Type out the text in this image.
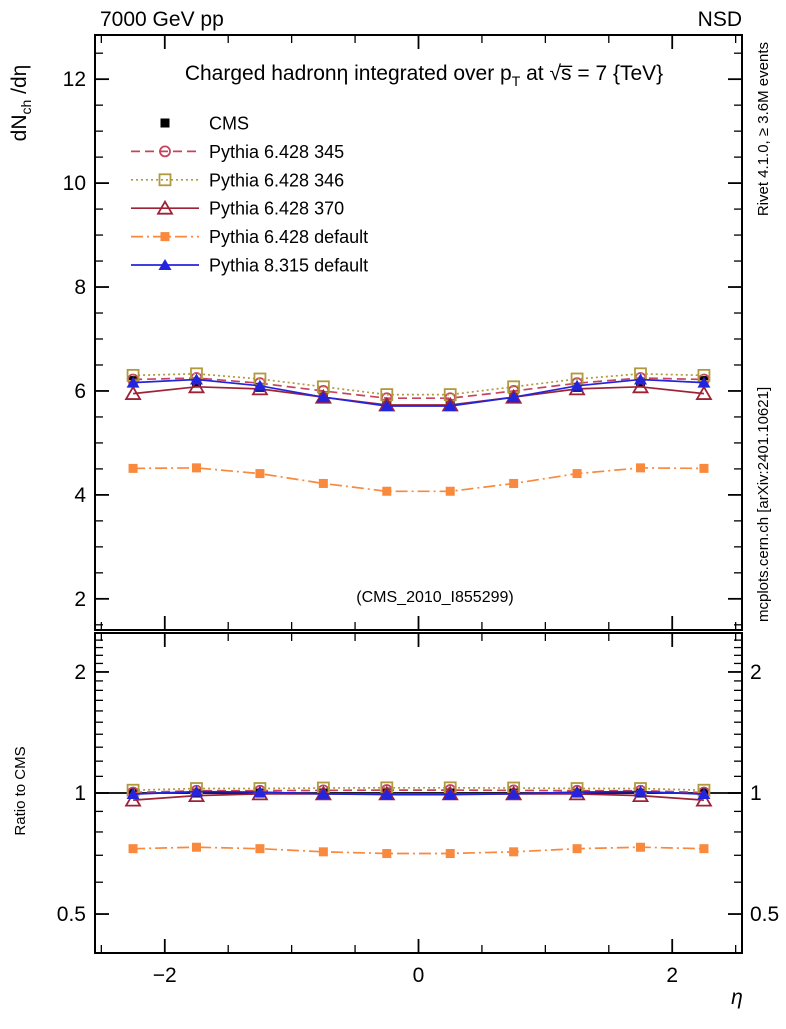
2
4
6
8
10
12
0.5	0.5
1	1
2	2
−2	0	2
CMS
Pythia 6.428 345
Pythia 6.428 346
Pythia 6.428 370
Pythia 6.428 default
Pythia 8.315 default
7000 GeV pp	NSD
Charged hadronη integrated over $p_T$ at √s̅ = 7 {TeV}
$dN_{ch}$ /dη
Ratio to CMS
η
(CMS_2010_I855299)
Rivet 4.1.0, ≥ 3.6M events
mcplots.cern.ch [arXiv:2401.10621]
